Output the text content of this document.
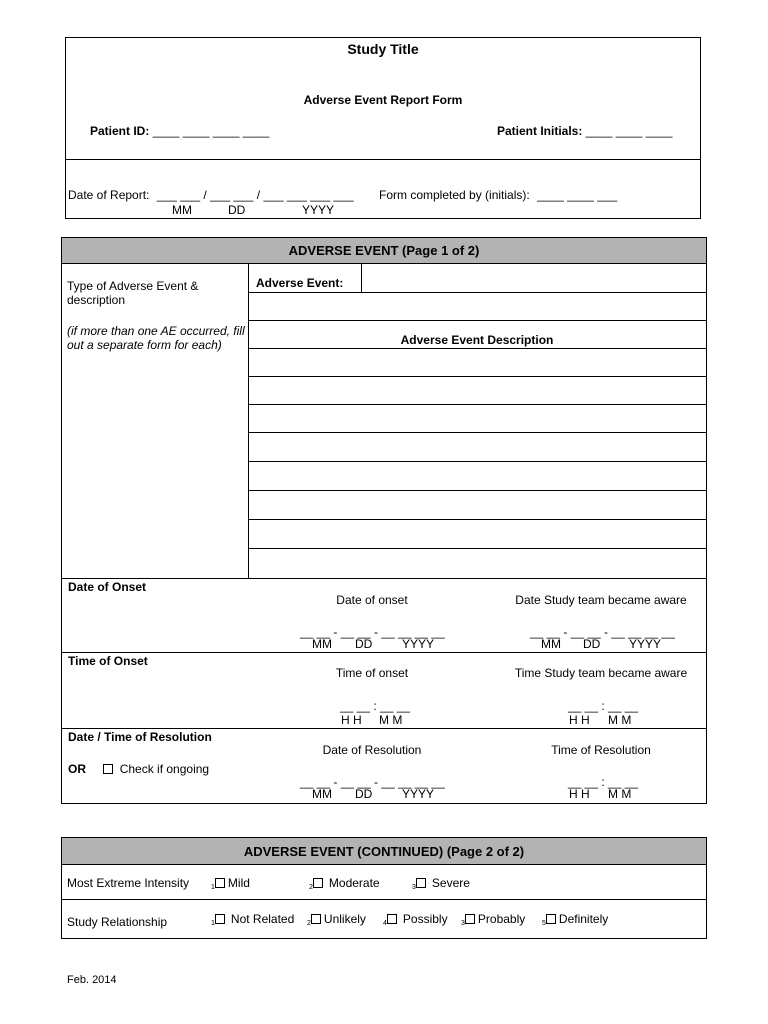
Study Title
Adverse Event Report Form
Patient ID: ____ ____ ____ ____	Patient Initials: ____ ____ ____
Date of Report: ___ ___ / ___ ___ / ___ ___ ___ ___
MM	DD	YYYY
Form completed by (initials): ____ ____ ___
ADVERSE EVENT (Page 1 of 2)
Type of Adverse Event & description
(if more than one AE occurred, fill out a separate form for each)
Adverse Event:
Adverse Event Description
Date of Onset
Date of onset	Date Study team became aware
__ __ - __ __ - __ __ __ __
MM DD YYYY
__ __ - __ __ - __ __ __ __
MM DD YYYY
Time of Onset
Time of onset	Time Study team became aware
__ __ : __ __
H H M M
__ __ : __ __
H H M M
Date / Time of Resolution
OR	Check if ongoing
Date of Resolution	Time of Resolution
__ __ - __ __ - __ __ __ __
MM DD YYYY
__ __ : __ __
H H M M
ADVERSE EVENT (CONTINUED) (Page 2 of 2)
Most Extreme Intensity	$_1$ Mild	$_2$ Moderate	$_3$ Severe
Study Relationship	$_1$ Not Related $_2$ Unlikely $_4$ Possibly $_3$ Probably $_5$ Definitely
Feb. 2014
